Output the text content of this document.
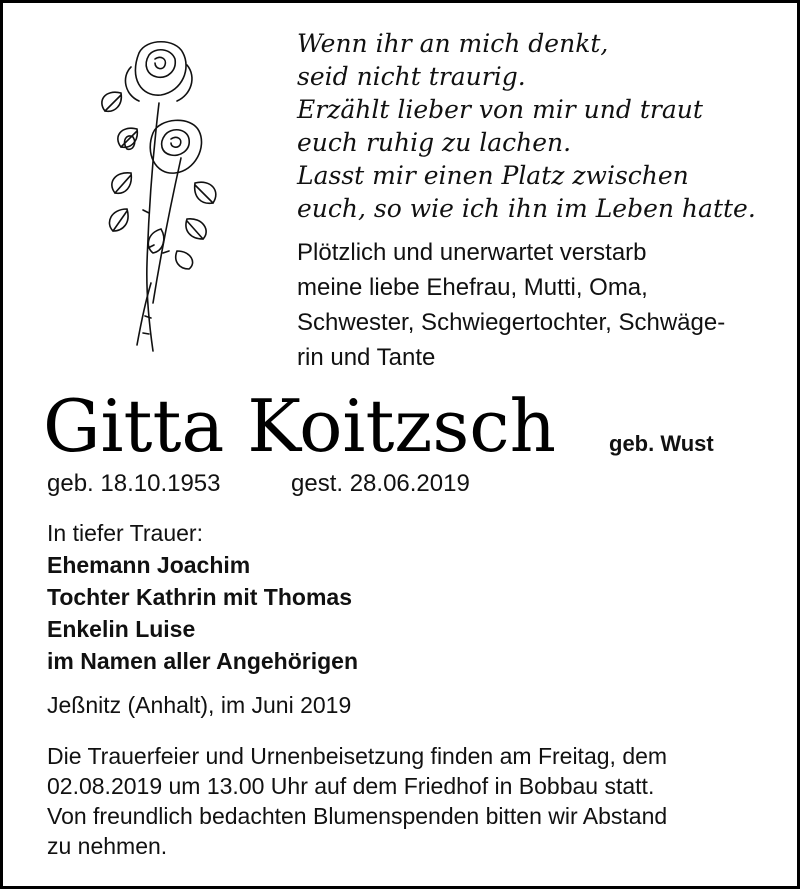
Wenn ihr an mich denkt,
seid nicht traurig.
Erzählt lieber von mir und traut
euch ruhig zu lachen.
Lasst mir einen Platz zwischen
euch, so wie ich ihn im Leben hatte.
Plötzlich und unerwartet verstarb
meine liebe Ehefrau, Mutti, Oma,
Schwester, Schwiegertochter, Schwäge-
rin und Tante
Gitta Koitzsch geb. Wust
geb. 18.10.1953	gest. 28.06.2019
In tiefer Trauer:
Ehemann Joachim
Tochter Kathrin mit Thomas
Enkelin Luise
im Namen aller Angehörigen
Jeßnitz (Anhalt), im Juni 2019
Die Trauerfeier und Urnenbeisetzung finden am Freitag, dem
02.08.2019 um 13.00 Uhr auf dem Friedhof in Bobbau statt.
Von freundlich bedachten Blumenspenden bitten wir Abstand
zu nehmen.
